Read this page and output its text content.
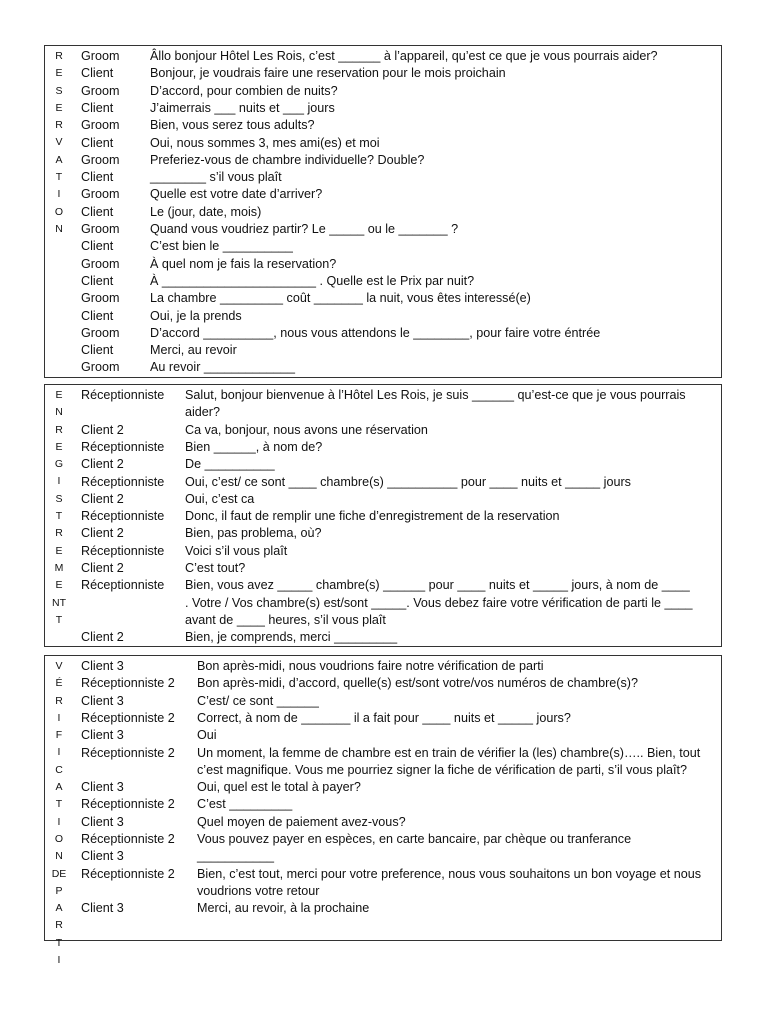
R
E
S
E
R
V
A
T
I
O
N
Groom Âllo bonjour Hôtel Les Rois, c’est ______ à l’appareil, qu’est ce que je vous pourrais aider?
Client	Bonjour, je voudrais faire une reservation pour le mois proichain
Groom D’accord, pour combien de nuits?
Client	J’aimerrais ___ nuits et ___ jours
Groom Bien, vous serez tous adults?
Client	Oui, nous sommes 3, mes ami(es) et moi
Groom Preferiez-vous de chambre individuelle? Double?
Client	________ s’il vous plaît
Groom Quelle est votre date d’arriver?
Client	Le (jour, date, mois)
Groom Quand vous voudriez partir? Le _____ ou le _______ ?
Client	C’est bien le __________
Groom À quel nom je fais la reservation?
Client	À ______________________ . Quelle est le Prix par nuit?
Groom La chambre _________ coût _______ la nuit, vous êtes interessé(e)
Client	Oui, je la prends
Groom D’accord __________, nous vous attendons le ________, pour faire votre éntrée
Client	Merci, au revoir
Groom Au revoir _____________
E
N
R
E
G
I
S
T
R
E
M
E
NT
T
Réceptionniste Salut, bonjour bienvenue à l’Hôtel Les Rois, je suis ______ qu’est-ce que je vous pourrais aider?
Client 2	Ca va, bonjour, nous avons une réservation
Réceptionniste Bien ______, à nom de?
Client 2	De __________
Réceptionniste Oui, c’est/ ce sont ____ chambre(s) __________ pour ____ nuits et _____ jours
Client 2	Oui, c’est ca
Réceptionniste Donc, il faut de remplir une fiche d’enregistrement de la reservation
Client 2	Bien, pas problema, où?
Réceptionniste Voici s’il vous plaît
Client 2	C’est tout?
Réceptionniste Bien, vous avez _____ chambre(s) ______ pour ____ nuits et _____ jours, à nom de ____ . Votre / Vos chambre(s) est/sont _____. Vous debez faire votre vérification de parti le ____ avant de ____ heures, s’il vous plaît
Client 2	Bien, je comprends, merci _________
V
É
R
I
F
I
C
A
T
I
O
N
DE
P
A
R
T
I
Client 3	Bon après-midi, nous voudrions faire notre vérification de parti
Réceptionniste 2 Bon après-midi, d’accord, quelle(s) est/sont votre/vos numéros de chambre(s)?
Client 3	C’est/ ce sont ______
Réceptionniste 2 Correct, à nom de _______ il a fait pour ____ nuits et _____ jours?
Client 3	Oui
Réceptionniste 2 Un moment, la femme de chambre est en train de vérifier la (les) chambre(s)….. Bien, tout c’est magnifique. Vous me pourriez signer la fiche de vérification de parti, s’il vous plaît?
Client 3	Oui, quel est le total à payer?
Réceptionniste 2 C’est _________
Client 3	Quel moyen de paiement avez-vous?
Réceptionniste 2 Vous pouvez payer en espèces, en carte bancaire, par chèque ou tranferance
Client 3	___________
Réceptionniste 2 Bien, c’est tout, merci pour votre preference, nous vous souhaitons un bon voyage et nous voudrions votre retour
Client 3	Merci, au revoir, à la prochaine
